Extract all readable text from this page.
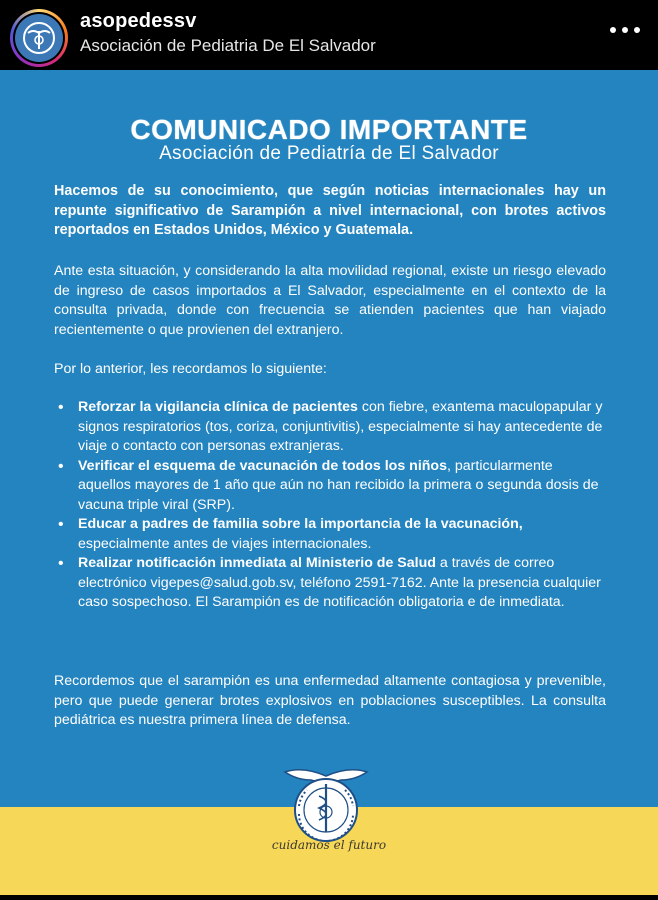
asopedessv
Asociación de Pediatria De El Salvador
COMUNICADO IMPORTANTE
Asociación de Pediatría de El Salvador
Hacemos de su conocimiento, que según noticias internacionales hay un repunte significativo de Sarampión a nivel internacional, con brotes activos reportados en Estados Unidos, México y Guatemala.
Ante esta situación, y considerando la alta movilidad regional, existe un riesgo elevado de ingreso de casos importados a El Salvador, especialmente en el contexto de la consulta privada, donde con frecuencia se atienden pacientes que han viajado recientemente o que provienen del extranjero.
Por lo anterior, les recordamos lo siguiente:
• Reforzar la vigilancia clínica de pacientes con fiebre, exantema maculopapular y signos respiratorios (tos, coriza, conjuntivitis), especialmente si hay antecedente de viaje o contacto con personas extranjeras.
• Verificar el esquema de vacunación de todos los niños, particularmente aquellos mayores de 1 año que aún no han recibido la primera o segunda dosis de vacuna triple viral (SRP).
• Educar a padres de familia sobre la importancia de la vacunación, especialmente antes de viajes internacionales.
• Realizar notificación inmediata al Ministerio de Salud a través de correo electrónico vigepes@salud.gob.sv, teléfono 2591-7162. Ante la presencia cualquier caso sospechoso. El Sarampión es de notificación obligatoria e de inmediata.
Recordemos que el sarampión es una enfermedad altamente contagiosa y prevenible, pero que puede generar brotes explosivos en poblaciones susceptibles. La consulta pediátrica es nuestra primera línea de defensa.
cuidamos el futuro
